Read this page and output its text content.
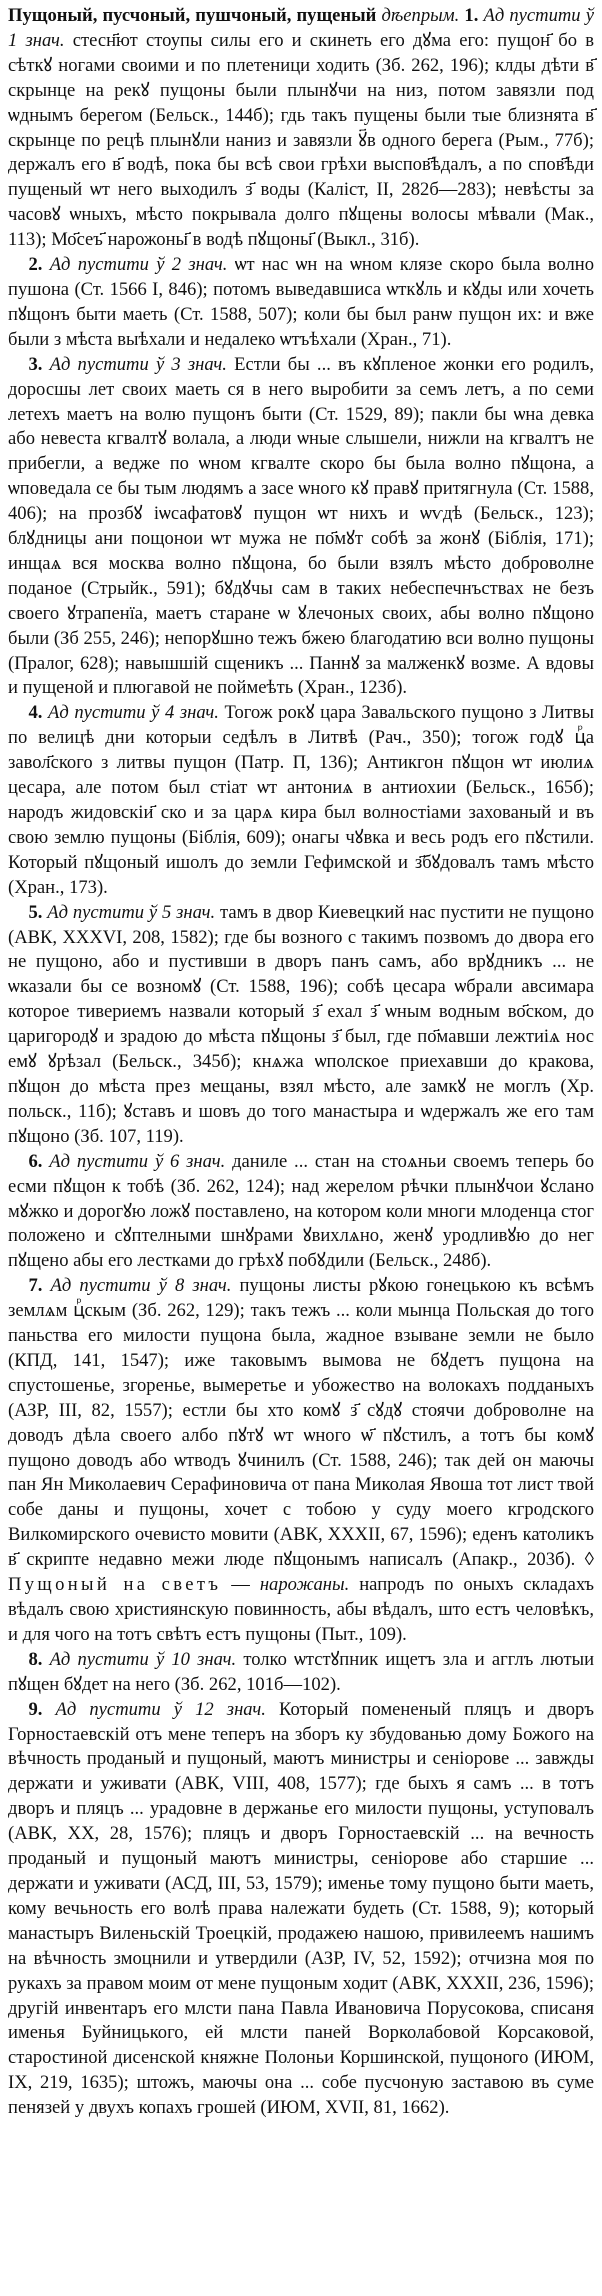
Пущоный, пусчоный, пушчоный, пущеный дѣепрым. 1. Ад пустити ў 1 знач. стесн҃ют стоупы силы его и скинеть его дꙋма его: пущон҃ бо в сѣткꙋ ногами своими и по плетеници ходить (Зб. 262, 196); клды дѣти в҃ скрынце на рекꙋ пущоны были плынꙋчи на низ, потом завязли под ѡднымъ берегом (Бельск., 144б); гдь такъ пущены были тые близнята в҃ скрынце по рецѣ плынꙋли наниз и завязли ꙋ҃в одного берега (Рым., 77б); держалъ его в҃ водѣ, пока бы всѣ свои грѣхи выспов҃ѣдалъ, а по спов҃ѣди пущеный ѡт него выходилъ з҃ воды (Калiст, II, 282б—283); невѣсты за часовꙋ ѡныхъ, мѣсто покрывала долго пꙋщены волосы мѣвали (Мак., 113); Мо҃сеъ҃ нарожоны҃ в водѣ пꙋщоны҃ (Выкл., 31б).

2. Ад пустити ў 2 знач. ѡт нас ѡн на ѡном клязе скоро была волно пушона (Ст. 1566 I, 846); потомъ выведавшиса ѡткꙋль и кꙋды или хочеть пꙋщонъ быти маеть (Ст. 1588, 507); коли бы был ранѡ пущон их: и вже были з мѣста выѣхали и недалеко ѡтъѣхали (Хран., 71).

3. Ад пустити ў 3 знач. Естли бы ... въ кꙋпленое жонки его родилъ, доросшы лет своих маеть ся в него выробити за семъ летъ, а по семи летехъ маетъ на волю пущонъ быти (Ст. 1529, 89); пакли бы ѡна девка або невеста кгвалтꙋ волала, а люди ѡные слышели, нижли на кгвалтъ не прибегли, а ведже по ѡном кгвалте скоро бы была волно пꙋщона, а ѡповедала се бы тым людямъ а засе ѡного кꙋ правꙋ притягнула (Ст. 1588, 406); на прозбꙋ iѡсафатовꙋ пущон ѡт нихъ и ѡѵдѣ (Бельск., 123); блꙋдницы ани пощонои ѡт мужа не по҃мꙋт собѣ за жонꙋ (Бiблiя, 171); инщаѧ вся москва волно пꙋщона, бо были взялъ мѣсто доброволне поданое (Стрыйк., 591); бꙋдꙋчы сам в таких небеспечнъствах не безъ своего ꙋтрапенїа, маетъ старане ѡ ꙋлечоных своих, абы волно пꙋщоно были (Зб 255, 246); непорꙋшно тежъ бжею благодатию вси волно пущоны (Пралог, 628); навышшiй сщеникъ ... Паннꙋ за малженкꙋ возме. А вдовы и пущеной и плюгавой не поймеѣть (Хран., 123б).

4. Ад пустити ў 4 знач. Тогож рокꙋ цара Завальского пущоно з Литвы по велицѣ дни которыи седѣлъ в Литвѣ (Рач., 350); тогож годꙋ цⷬа завол҃ского з литвы пущон (Патр. П, 136); Антикгон пꙋщон ѡт июлиѧ цесара, але потом был стiат ѡт антониѧ в антиохии (Бельск., 165б); народъ жидовскiи҃ ско и за царѧ кира был волностiами захованый и въ свою землю пущоны (Бiблiя, 609); онагы чꙋвка и весь родъ его пꙋстили. Который пꙋщоный ишолъ до земли Гефимской и з҃бꙋдовалъ тамъ мѣсто (Хран., 173).

5. Ад пустити ў 5 знач. тамъ в двор Киевецкий нас пустити не пущоно (АВК, XXXVI, 208, 1582); где бы возного с такимъ позвомъ до двора его не пущоно, або и пустивши в дворъ панъ самъ, або врꙋдникъ ... не ѡказали бы се возномꙋ (Ст. 1588, 196); собѣ цесара ѡбрали авсимара которое тивериемъ назвали который з҃ ехал з҃ ѡным водным во҃ском, до царигородꙋ и зрадою до мѣста пꙋщоны з҃ был, где по҃мавши лежтиiѧ нос емꙋ ꙋрѣзал (Бельск., 345б); кнѧжа ѡполское приехавши до кракова, пꙋщон до мѣста през мещаны, взял мѣсто, але замкꙋ не моглъ (Хр. польск., 11б); ꙋставъ и шовъ до того манастыра и ѡдержалъ же его там пꙋщоно (Зб. 107, 119).

6. Ад пустити ў 6 знач. даниле ... стан на стоѧньи своемъ теперь бо есми пꙋщон к тобѣ (Зб. 262, 124); над жерелом рѣчки плынꙋчои ꙋслано мꙋжко и дорогꙋю ложꙋ поставлено, на котором коли многи млоденца стог положено и сꙋптелными шнꙋрами ꙋвихлѧно, женꙋ уродливꙋю до нег пꙋщено абы его лестками до грѣхꙋ побꙋдили (Бельск., 248б).

7. Ад пустити ў 8 знач. пущоны листы рꙋкою гонецькою къ всѣмъ землѧм цⷬскым (Зб. 262, 129); такъ тежъ ... коли мынца Польская до того паньства его милости пущона была, жадное взыване земли не было (КПД, 141, 1547); иже таковымъ вымова не бꙋдетъ пущона на спустошенье, згоренье, вымеретье и убожество на волокахъ подданыхъ (АЗР, III, 82, 1557); естли бы хто комꙋ з҃ сꙋдꙋ стоячи доброволне на доводъ дѣла своего албо пꙋтꙋ ѡт ѡного ѡ҃ пꙋстилъ, а тотъ бы комꙋ пущоно доводъ або ѡтводъ ꙋчинилъ (Ст. 1588, 246); так дей он маючы пан Ян Миколаевич Серафиновича от пана Миколая Явоша тот лист твой собе даны и пущоны, хочет с тобою у суду моего кгродского Вилкомирского очевисто мовити (АВК, XXXII, 67, 1596); еденъ католикъ в҃ скрипте недавно межи люде пꙋщонымъ написалъ (Апакр., 203б). ◊ Пущоный на светъ — нарожаны. напродъ по оныхъ складахъ вѣдалъ свою християнскую повинность, абы вѣдалъ, што естъ человѣкъ, и для чого на тотъ свѣтъ естъ пущоны (Пыт., 109).

8. Ад пустити ў 10 знач. толко ѡтстꙋпник ищетъ зла и агглъ лютыи пꙋщен бꙋдет на него (Зб. 262, 101б—102).

9. Ад пустити ў 12 знач. Который помененый пляцъ и дворъ Горностаевскій отъ мене теперъ на зборъ ку збудованью дому Божого на вѣчность проданый и пущоный, маютъ министры и сеніорове ... завжды держати и уживати (АВК, VIII, 408, 1577); где быхъ я самъ ... в тотъ дворъ и пляцъ ... урадовне в держанье его милости пущоны, уступовалъ (АВК, XX, 28, 1576); пляцъ и дворъ Горностаевскій ... на вечность проданый и пущоный маютъ министры, сеніорове або старшие ... держати и уживати (АСД, III, 53, 1579); именье тому пущоно быти маеть, кому вечьность его волѣ права належати будеть (Ст. 1588, 9); который манастыръ Виленьскій Троецкій, продажею нашою, привилеемъ нашимъ на вѣчность змоцнили и утвердили (АЗР, IV, 52, 1592); отчизна моя по рукахъ за правом моим от мене пущоным ходит (АВК, XXXII, 236, 1596); другій инвентаръ его млсти пана Павла Ивановича Порусокова, списаня именья Буйницького, ей млсти паней Ворколабовой Корсаковой, старостиной дисенской княжне Полоньи Коршинской, пущоного (ИЮМ, IX, 219, 1635); штожъ, маючы она ... собе пусчоную заставою въ суме пенязей у двухъ копахъ грошей (ИЮМ, XVII, 81, 1662).
